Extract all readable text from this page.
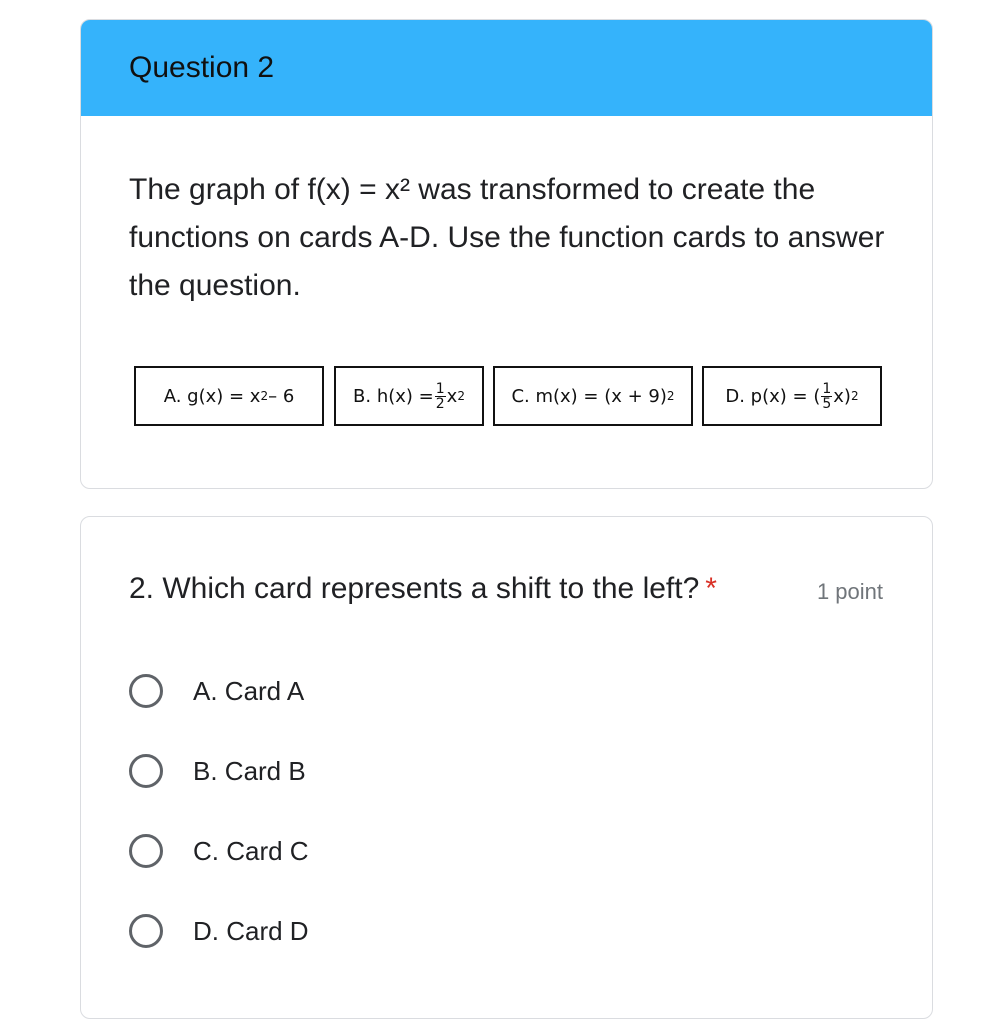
Question 2
The graph of f(x) = x² was transformed to create the functions on cards A-D. Use the function cards to answer the question.
A. g(x) = x 2 – 6	B. $h(x) = \frac{1}{2}$ x 2	C. m(x) = (x + 9) 2	D. p(x) = ( $\frac{1}{5} x$) 2
2. Which card represents a shift to the left? *	1 point
A. Card A
B. Card B
C. Card C
D. Card D
